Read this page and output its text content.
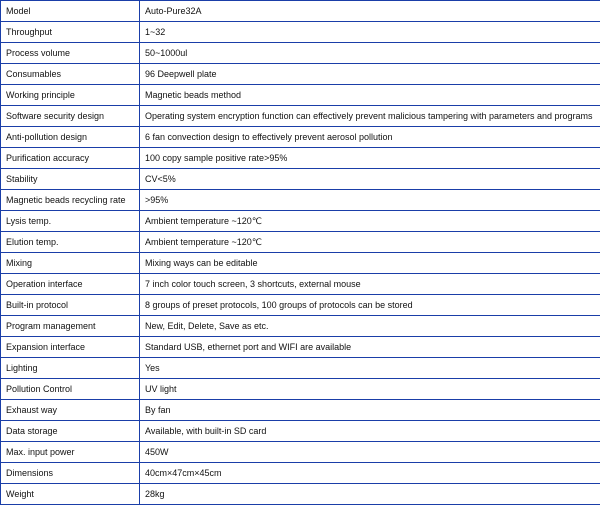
Model	Auto-Pure32A
Throughput	1~32
Process volume	50~1000ul
Consumables	96 Deepwell plate
Working principle	Magnetic beads method
Software security design	Operating system encryption function can effectively prevent malicious tampering with parameters and programs
Anti-pollution design	6 fan convection design to effectively prevent aerosol pollution
Purification accuracy	100 copy sample positive rate>95%
Stability	CV<5%
Magnetic beads recycling rate	>95%
Lysis temp.	Ambient temperature ~120℃
Elution temp.	Ambient temperature ~120℃
Mixing	Mixing ways can be editable
Operation interface	7 inch color touch screen, 3 shortcuts, external mouse
Built-in protocol	8 groups of preset protocols, 100 groups of protocols can be stored
Program management	New, Edit, Delete, Save as etc.
Expansion interface	Standard USB, ethernet port and WIFI are available
Lighting	Yes
Pollution Control	UV light
Exhaust way	By fan
Data storage	Available, with built-in SD card
Max. input power	450W
Dimensions	40cm×47cm×45cm
Weight	28kg
